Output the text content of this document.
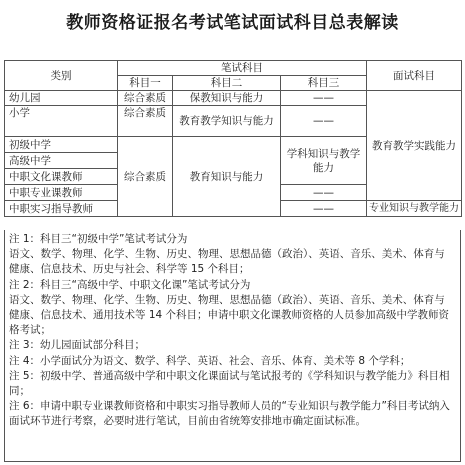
教师资格证报名考试笔试面试科目总表解读
类别	笔试科目			面试科目
	科目一	科目二	科目三	
幼儿园	综合素质	保教知识与能力	——	教育教学实践能力
小学	综合素质	教育教学知识与能力	——	
初级中学	综合素质	教育知识与能力	学科知识与教学能力	
高级中学				
中职文化课教师				
中职专业课教师			——	
中职实习指导教师			——	专业知识与教学能力

注 1：科目三“初级中学”笔试考试分为

语文、数学、物理、化学、生物、历史、物理、思想品德（政治）、英语、音乐、美术、体育与健康、信息技术、历史与社会、科学等 15 个科目；

注 2：科目三“高级中学、中职文化课”笔试考试分为

语文、数学、物理、化学、生物、历史、物理、思想品德（政治）、英语、音乐、美术、体育与健康、信息技术、通用技术等 14 个科目；申请中职文化课教师资格的人员参加高级中学教师资格考试；

注 3：幼儿园面试部分科目；

注 4：小学面试分为语文、数学、科学、英语、社会、音乐、体育、美术等 8 个学科；

注 5：初级中学、普通高级中学和中职文化课面试与笔试报考的《学科知识与教学能力》科目相同；

注 6：申请中职专业课教师资格和中职实习指导教师人员的“专业知识与教学能力”科目考试纳入面试环节进行考察，必要时进行笔试，目前由省统筹安排地市确定面试标准。
